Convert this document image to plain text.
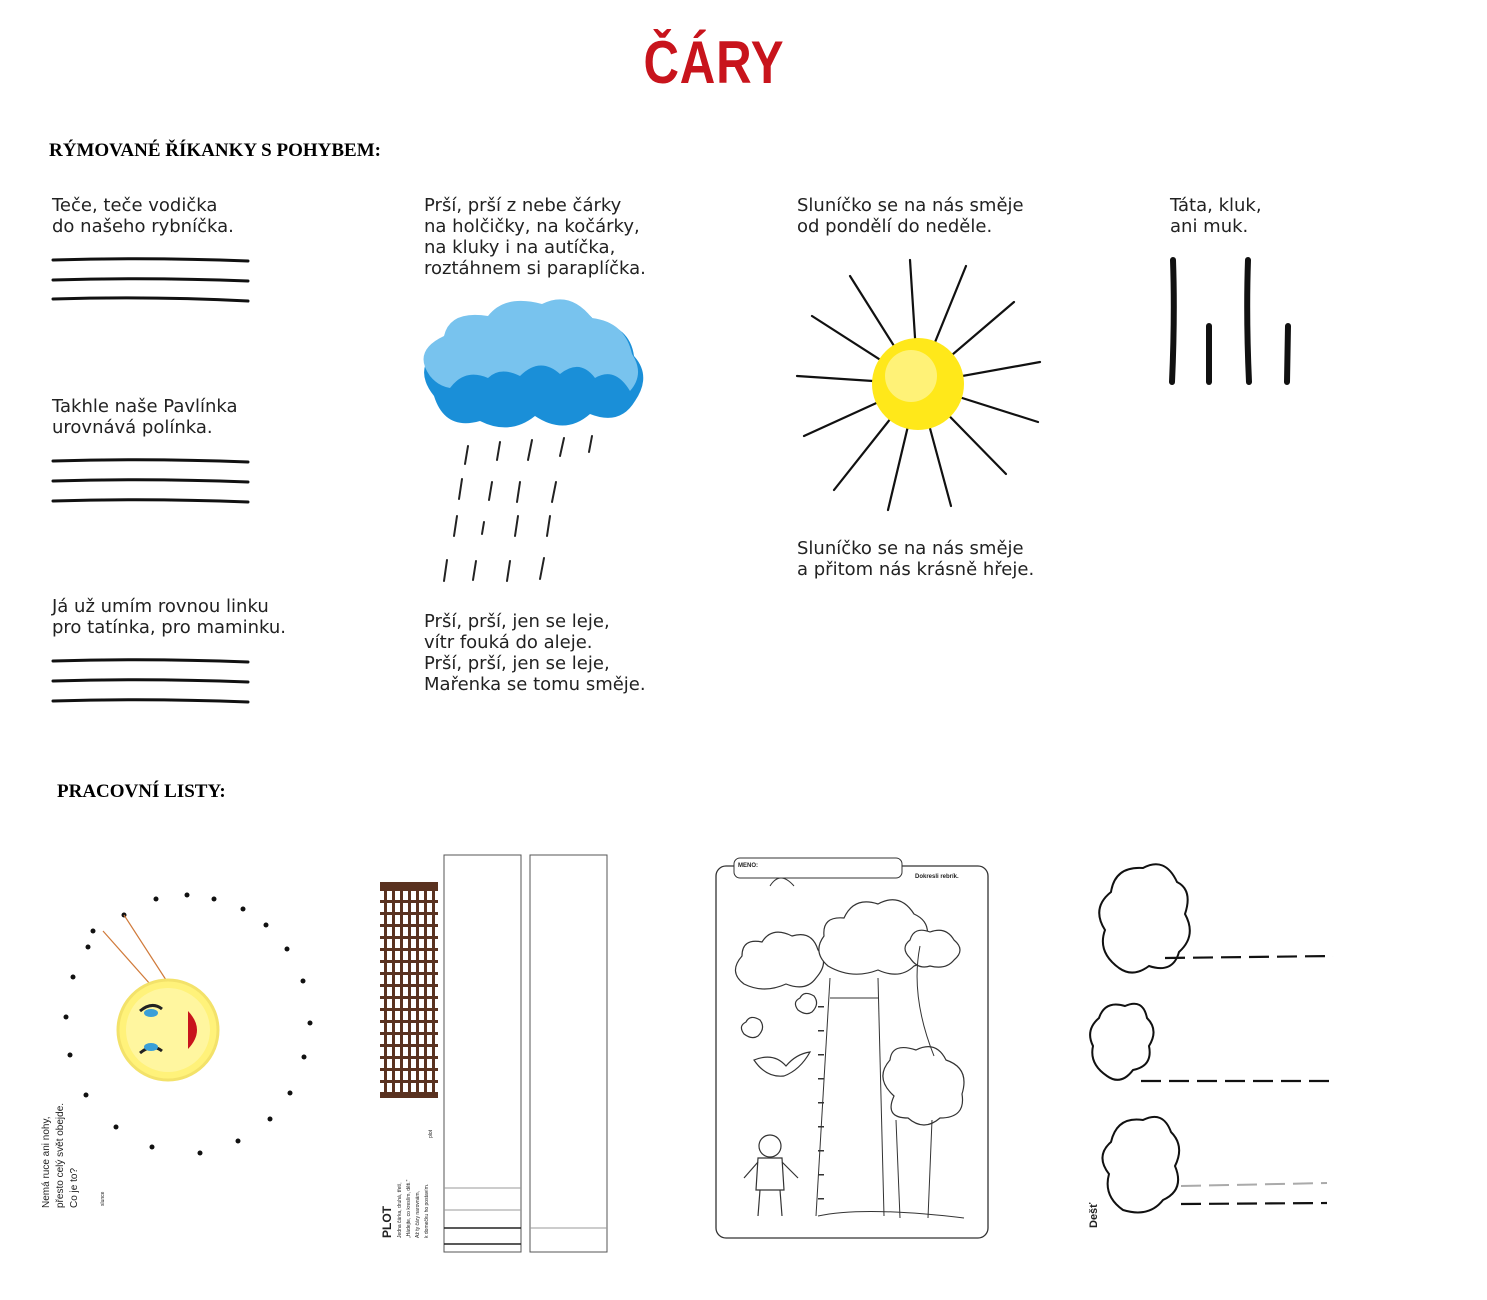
ČÁRY
RÝMOVANÉ ŘÍKANKY S POHYBEM:
Teče, teče vodička
do našeho rybníčka.
Takhle naše Pavlínka
urovnává polínka.
Já už umím rovnou linku
pro tatínka, pro maminku.
Prší, prší z nebe čárky
na holčičky, na kočárky,
na kluky i na autíčka,
roztáhnem si paraplíčka.
Prší, prší, jen se leje,
vítr fouká do aleje.
Prší, prší, jen se leje,
Mařenka se tomu směje.
Sluníčko se na nás směje
od pondělí do neděle.
Sluníčko se na nás směje
a přitom nás krásně hřeje.
Táta, kluk,
ani muk.
PRACOVNÍ LISTY:
Nemá ruce ani nohy,
přesto celý svět obejde.
Co je to?
slunce
PLOT Jedna čárka, druhá, třetí,
„Hádejte, co kreslím, děti."
Až ty čáry narovnám,
k domečku ho postavím.
plot
MENO:
Dokresli rebrík.
Dešť
